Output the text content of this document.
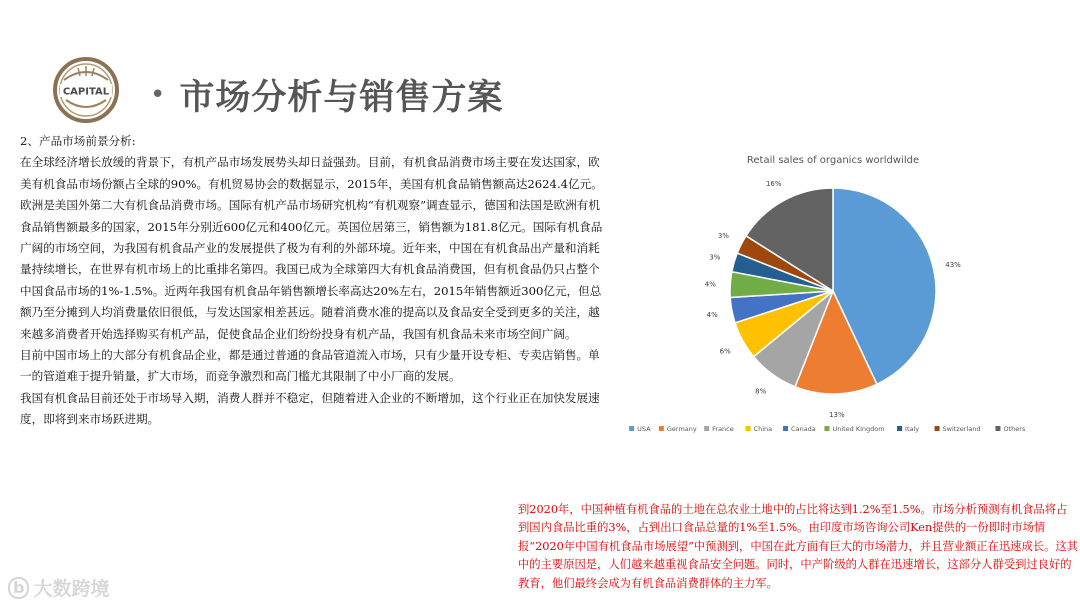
CAPITAL • 市场分析与销售方案

2、产品市场前景分析:

在全球经济增长放缓的背景下，有机产品市场发展势头却日益强劲。目前，有机食品消费市场主要在发达国家，欧美有机食品市场份额占全球的90%。有机贸易协会的数据显示，2015年，美国有机食品销售额高达2624.4亿元。欧洲是美国外第二大有机食品消费市场。国际有机产品市场研究机构“有机观察”调查显示，德国和法国是欧洲有机食品销售额最多的国家，2015年分别近600亿元和400亿元。英国位居第三，销售额为181.8亿元。国际有机食品广阔的市场空间，为我国有机食品产业的发展提供了极为有利的外部环境。近年来，中国在有机食品出产量和消耗量持续增长，在世界有机市场上的比重排名第四。我国已成为全球第四大有机食品消费国，但有机食品仍只占整个中国食品市场的1%-1.5%。近两年我国有机食品年销售额增长率高达20%左右，2015年销售额近300亿元，但总额乃至分摊到人均消费量依旧很低，与发达国家相差甚远。随着消费水准的提高以及食品安全受到更多的关注，越来越多消费者开始选择购买有机产品，促使食品企业们纷纷投身有机产品，我国有机食品未来市场空间广阔。

目前中国市场上的大部分有机食品企业，都是通过普通的食品管道流入市场，只有少量开设专柜、专卖店销售。单一的管道难于提升销量，扩大市场，而竞争激烈和高门槛尤其限制了中小厂商的发展。

我国有机食品目前还处于市场导入期，消费人群并不稳定，但随着进入企业的不断增加，这个行业正在加快发展速度，即将到来市场跃进期。

Retail sales of organics worldwilde
43%
13%
8%
6%
4%
4%
3%
3%
16%
USA Germany France	China	Canada	United Kingdom	Italy	Switzerland	Others
到2020年，中国种植有机食品的土地在总农业土地中的占比将达到1.2%至1.5%。市场分析预测有机食品将占到国内食品比重的3%，占到出口食品总量的1%至1.5%。由印度市场咨询公司Ken提供的一份即时市场情报“2020年中国有机食品市场展望”中预测到，中国在此方面有巨大的市场潜力，并且营业额正在迅速成长。这其中的主要原因是，人们越来越重视食品安全问题。同时，中产阶级的人群在迅速增长，这部分人群受到过良好的教育，他们最终会成为有机食品消费群体的主力军。
b 大数跨境
